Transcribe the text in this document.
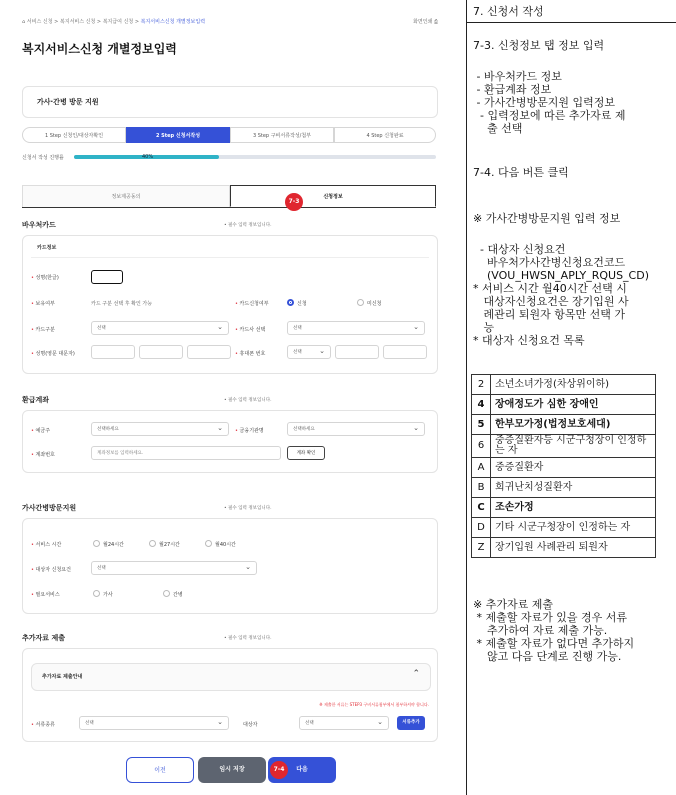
⌂ 서비스 신청 > 복지서비스 신청 > 복지급여 신청 > 복지서비스신청 개별정보입력	화면인쇄 ⎙
복지서비스신청 개별정보입력
가사·간병 방문 지원
1 Step 신청인/대상자확인	2 Step 신청서작성	3 Step 구비서류작성/첨부	4 Step 신청완료
신청서 작성 진행률	40%
정보제공동의	신청정보
7-3
바우처카드	• 필수 입력 정보입니다.
카드정보
• 성명(한글)
• 보유여부	카드 구분 선택 후 확인 가능	• 카드신청여부	신청	미신청
• 카드구분	선택 ⌄	• 카드사 선택	선택 ⌄
• 성명(영문 대문자)	• 휴대폰 번호	선택 ⌄
환급계좌	• 필수 입력 정보입니다.
• 예금주	선택하세요 ⌄	• 금융기관명	선택하세요 ⌄
• 계좌번호	계좌정보를 입력하세요.	계좌 확인
가사간병방문지원	• 필수 입력 정보입니다.
• 서비스 시간	월24시간	월27시간	월40시간
• 대상자 신청요건	선택 ⌄
• 필요서비스	가사	간병
추가자료 제출	• 필수 입력 정보입니다.
추가자료 제출안내	⌃
※ 제출한 서류는 STEP3 구비서류첨부에서 첨부하셔야 합니다.
• 서류종류	선택 ⌄	대상자	선택 ⌄	서류추가
이전	임시 저장	다음
7-4
7. 신청서 작성
7-3. 신청정보 탭 정보 입력
- 바우처카드 정보
- 환급계좌 정보
- 가사간병방문지원 입력정보
- 입력정보에 따른 추가자료 제
출 선택
7-4. 다음 버튼 클릭
※ 가사간병방문지원 입력 정보
- 대상자 신청요건
바우처가사간병신청요건코드
(VOU_HWSN_APLY_RQUS_CD)
* 서비스 시간 월40시간 선택 시
대상자신청요건은 장기입원 사
례관리 퇴원자 항목만 선택 가
능
* 대상자 신청요건 목록
2	소년소녀가정(차상위이하)
4	장애정도가 심한 장애인
5	한부모가정(법정보호세대)
6	중증질환자등 시군구청장이 인정하는 자
A	중증질환자
B	희귀난치성질환자
C	조손가정
D	기타 시군구청장이 인정하는 자
Z	장기입원 사례관리 퇴원자
※ 추가자료 제출
* 제출할 자료가 있을 경우 서류
추가하여 자료 제출 가능.
* 제출할 자료가 없다면 추가하지
않고 다음 단계로 진행 가능.
